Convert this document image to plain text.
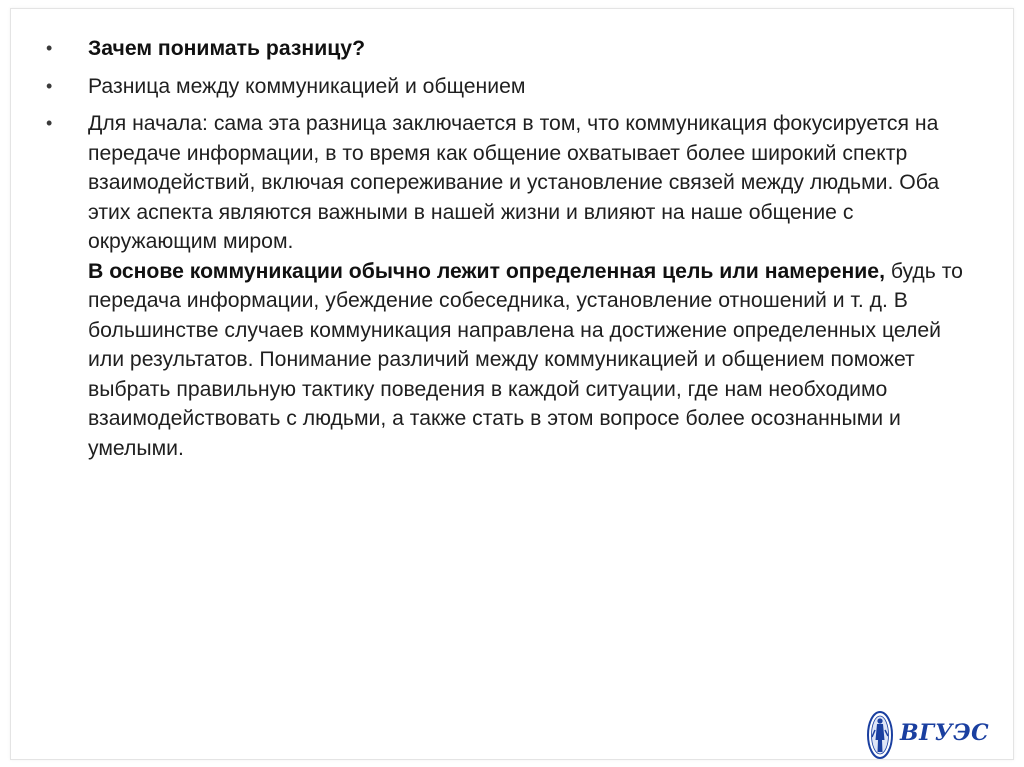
• Зачем понимать разницу?
• Разница между коммуникацией и общением
• Для начала: сама эта разница заключается в том, что коммуникация фокусируется на передаче информации, в то время как общение охватывает более широкий спектр взаимодействий, включая сопереживание и установление связей между людьми. Оба этих аспекта являются важными в нашей жизни и влияют на наше общение с окружающим миром.
В основе коммуникации обычно лежит определенная цель или намерение, будь то передача информации, убеждение собеседника, установление отношений и т. д. В большинстве случаев коммуникация направлена на достижение определенных целей или результатов. Понимание различий между коммуникацией и общением поможет выбрать правильную тактику поведения в каждой ситуации, где нам необходимо взаимодействовать с людьми, а также стать в этом вопросе более осознанными и умелыми.
ВГУЭС
